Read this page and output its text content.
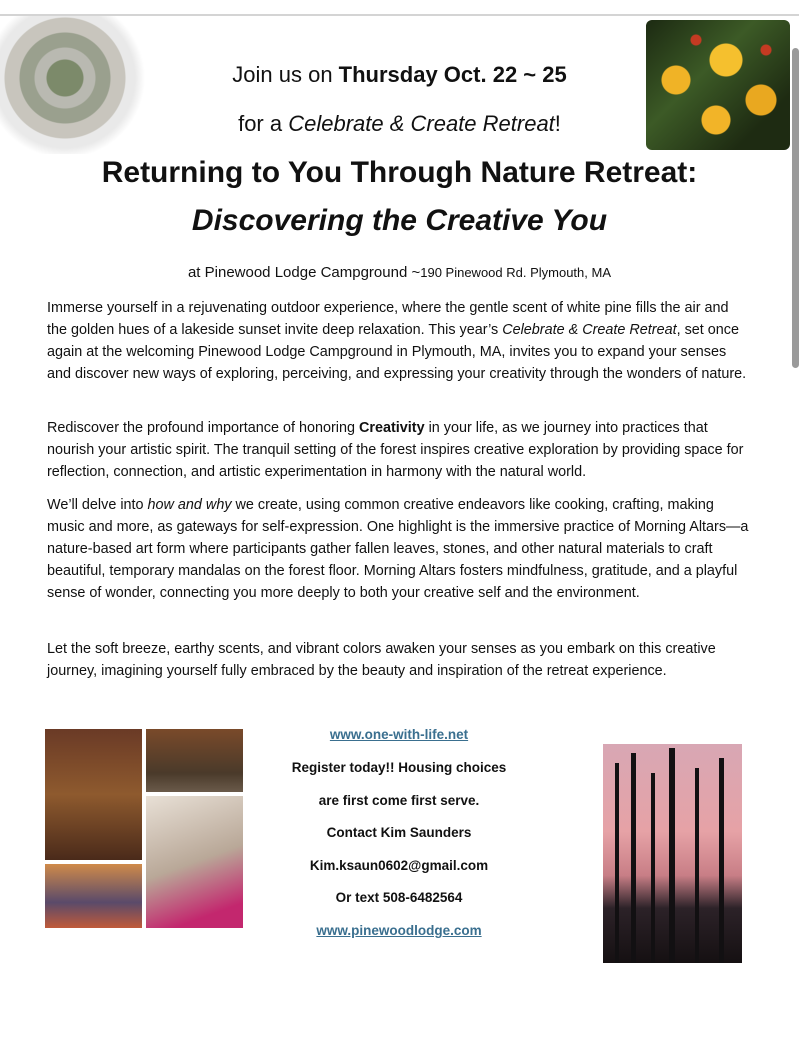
Join us on Thursday Oct. 22 ~ 25
for a Celebrate & Create Retreat!
Returning to You Through Nature Retreat:
Discovering the Creative You
at Pinewood Lodge Campground ~190 Pinewood Rd. Plymouth, MA

Immerse yourself in a rejuvenating outdoor experience, where the gentle scent of white pine fills the air and the golden hues of a lakeside sunset invite deep relaxation. This year’s Celebrate & Create Retreat, set once again at the welcoming Pinewood Lodge Campground in Plymouth, MA, invites you to expand your senses and discover new ways of exploring, perceiving, and expressing your creativity through the wonders of nature.

Rediscover the profound importance of honoring Creativity in your life, as we journey into practices that nourish your artistic spirit. The tranquil setting of the forest inspires creative exploration by providing space for reflection, connection, and artistic experimentation in harmony with the natural world.

We’ll delve into how and why we create, using common creative endeavors like cooking, crafting, making music and more, as gateways for self-expression. One highlight is the immersive practice of Morning Altars—a nature-based art form where participants gather fallen leaves, stones, and other natural materials to craft beautiful, temporary mandalas on the forest floor. Morning Altars fosters mindfulness, gratitude, and a playful sense of wonder, connecting you more deeply to both your creative self and the environment.

Let the soft breeze, earthy scents, and vibrant colors awaken your senses as you embark on this creative journey, imagining yourself fully embraced by the beauty and inspiration of the retreat experience.

www.one-with-life.net
Register today!! Housing choices
are first come first serve.
Contact Kim Saunders
Kim.ksaun0602@gmail.com
Or text 508-6482564
www.pinewoodlodge.com
